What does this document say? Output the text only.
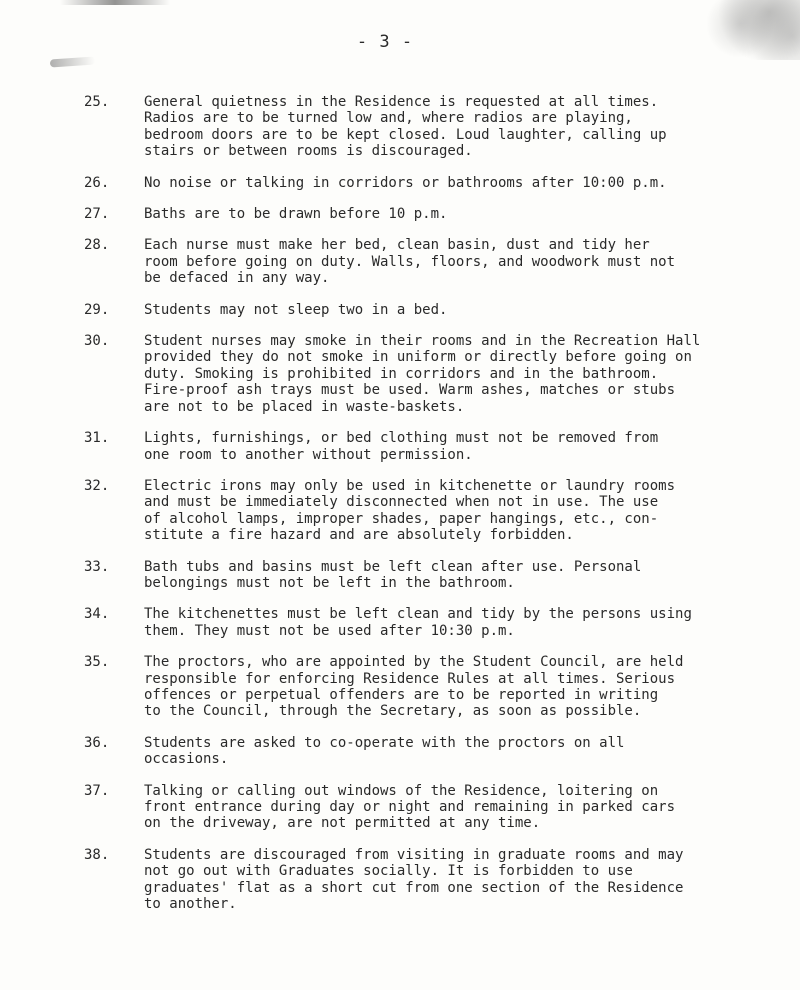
- 3 -
25.	General quietness in the Residence is requested at all times.
Radios are to be turned low and, where radios are playing,
bedroom doors are to be kept closed. Loud laughter, calling up
stairs or between rooms is discouraged.
26.	No noise or talking in corridors or bathrooms after 10:00 p.m.
27.	Baths are to be drawn before 10 p.m.
28.	Each nurse must make her bed, clean basin, dust and tidy her
room before going on duty. Walls, floors, and woodwork must not
be defaced in any way.
29.	Students may not sleep two in a bed.
30.	Student nurses may smoke in their rooms and in the Recreation Hall
provided they do not smoke in uniform or directly before going on
duty. Smoking is prohibited in corridors and in the bathroom.
Fire-proof ash trays must be used. Warm ashes, matches or stubs
are not to be placed in waste-baskets.
31.	Lights, furnishings, or bed clothing must not be removed from
one room to another without permission.
32.	Electric irons may only be used in kitchenette or laundry rooms
and must be immediately disconnected when not in use. The use
of alcohol lamps, improper shades, paper hangings, etc., con-
stitute a fire hazard and are absolutely forbidden.
33.	Bath tubs and basins must be left clean after use. Personal
belongings must not be left in the bathroom.
34.	The kitchenettes must be left clean and tidy by the persons using
them. They must not be used after 10:30 p.m.
35.	The proctors, who are appointed by the Student Council, are held
responsible for enforcing Residence Rules at all times. Serious
offences or perpetual offenders are to be reported in writing
to the Council, through the Secretary, as soon as possible.
36.	Students are asked to co-operate with the proctors on all
occasions.
37.	Talking or calling out windows of the Residence, loitering on
front entrance during day or night and remaining in parked cars
on the driveway, are not permitted at any time.
38.	Students are discouraged from visiting in graduate rooms and may
not go out with Graduates socially. It is forbidden to use
graduates' flat as a short cut from one section of the Residence
to another.
